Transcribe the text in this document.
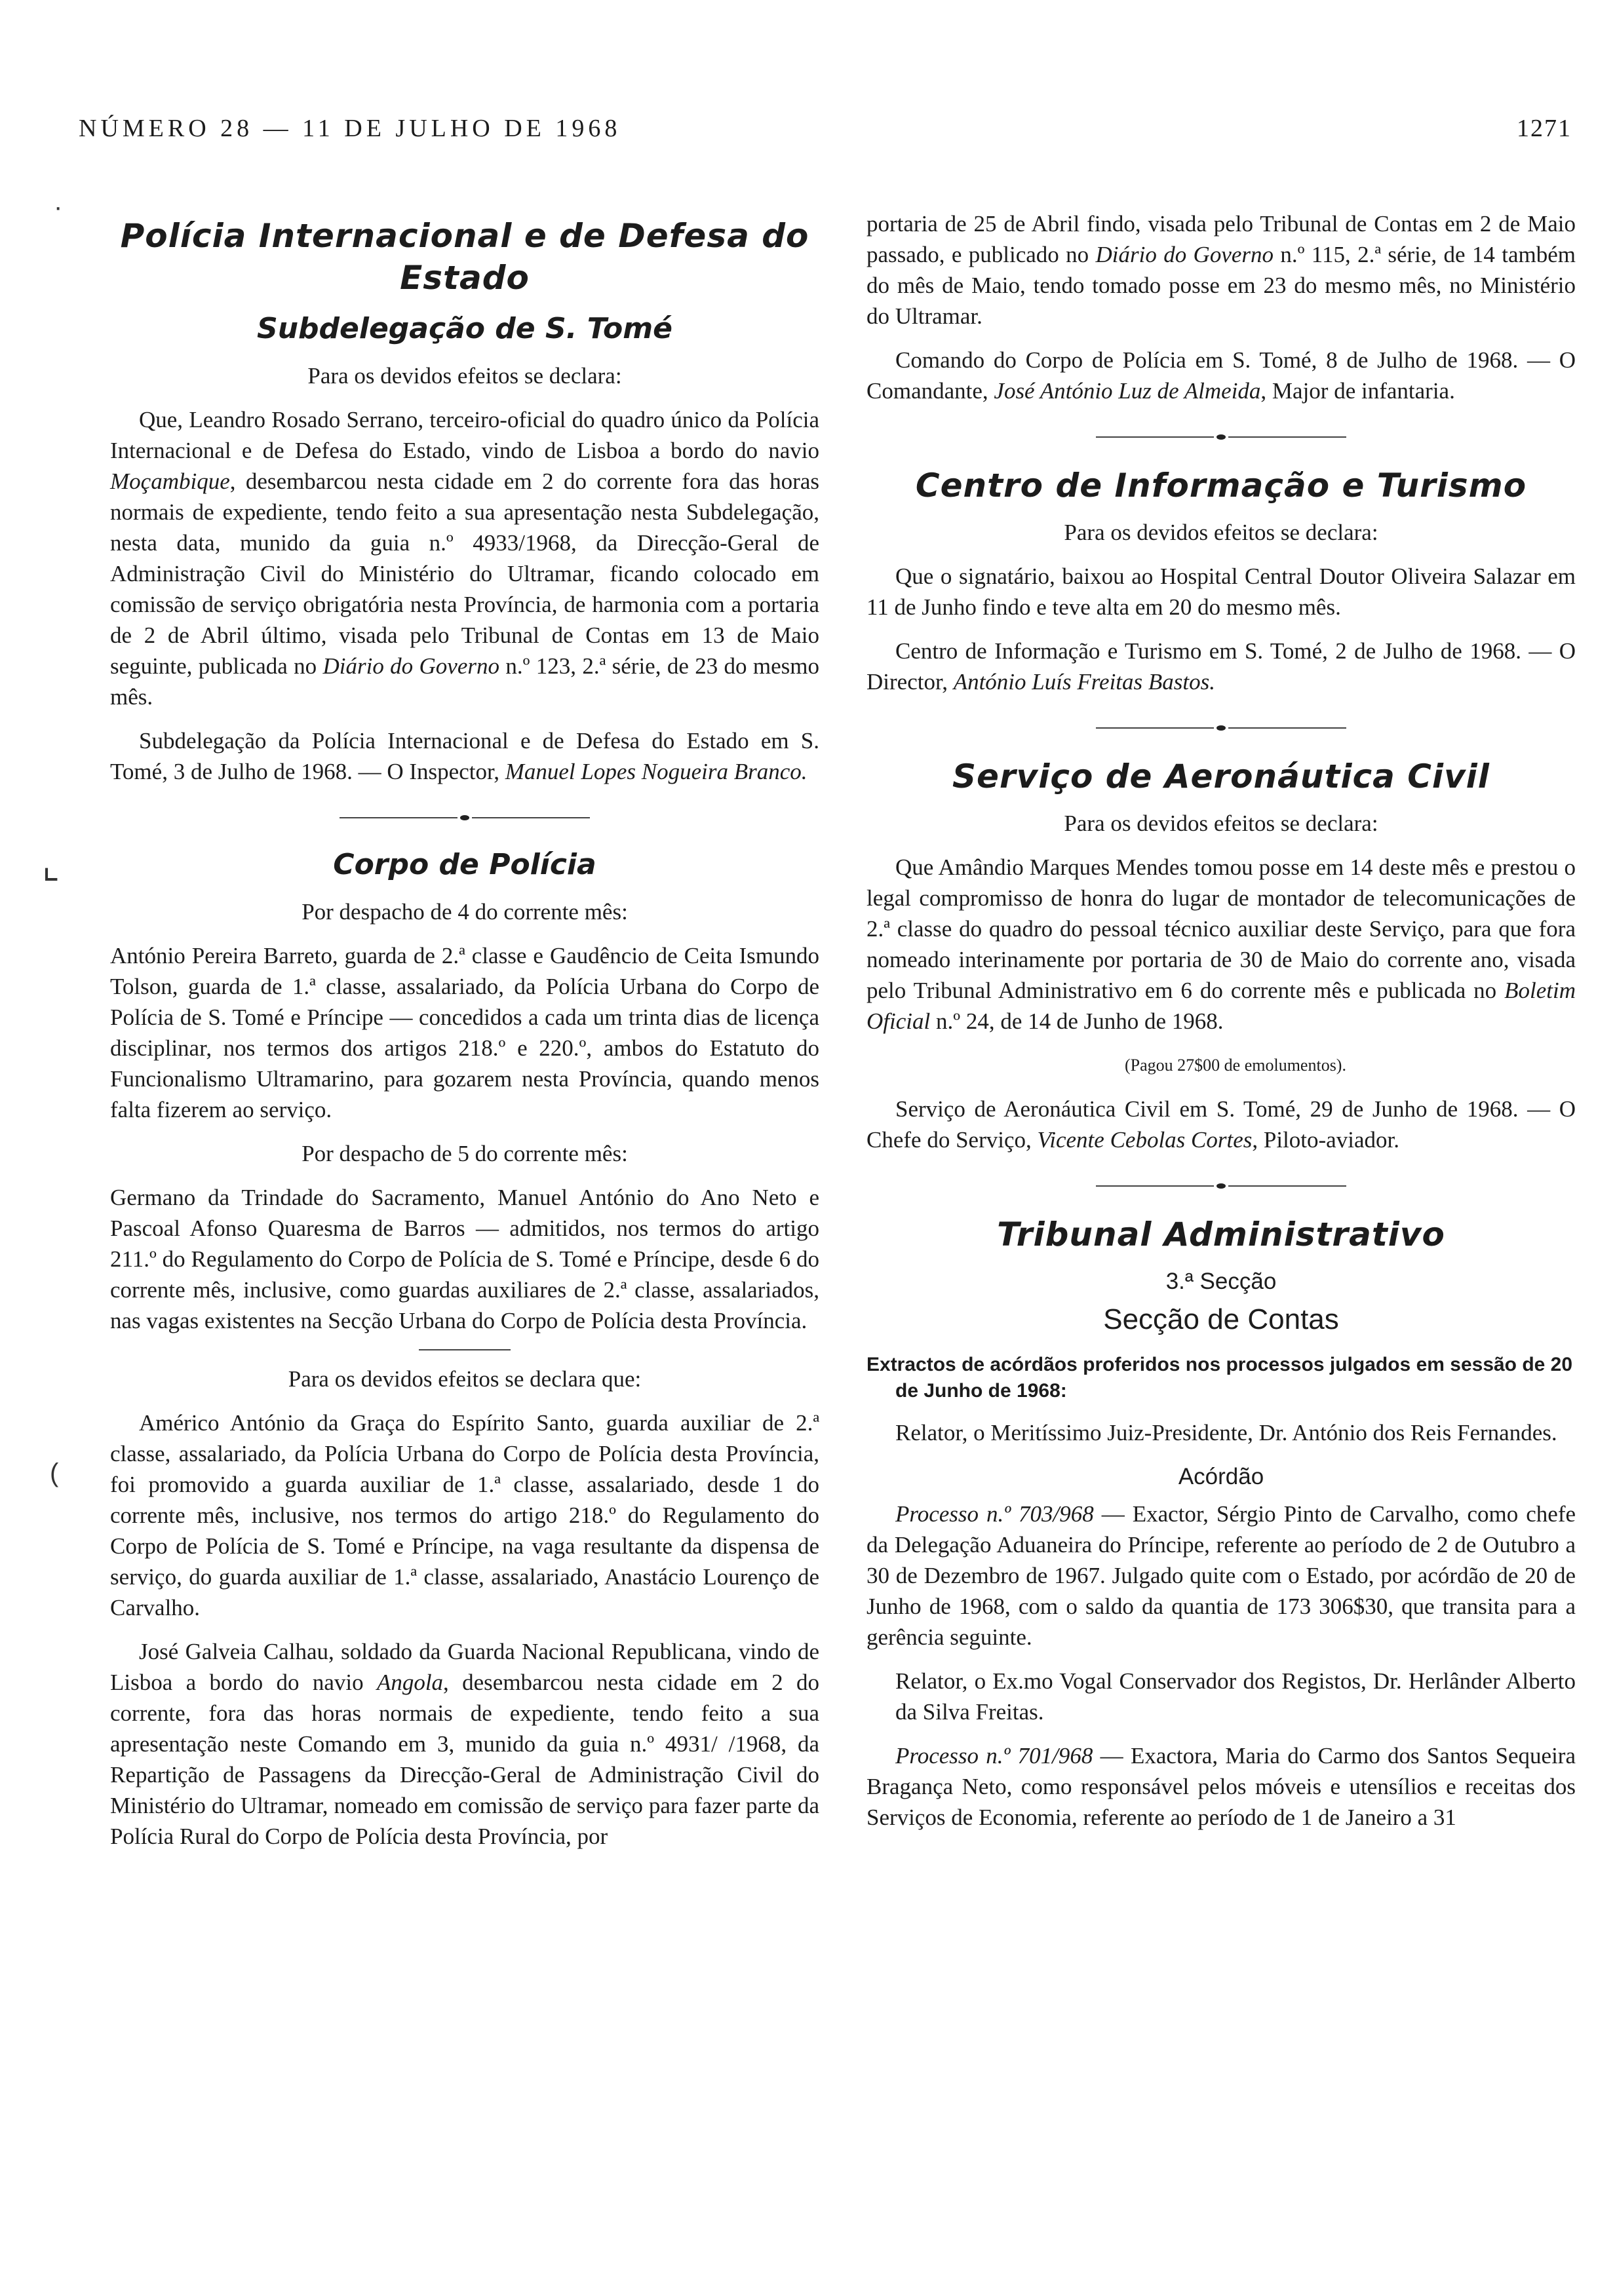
NÚMERO 28 — 11 DE JULHO DE 1968	1271
·
⌞
(
Polícia Internacional e de Defesa do Estado
Subdelegação de S. Tomé

Para os devidos efeitos se declara:

Que, Leandro Rosado Serrano, terceiro-oficial do quadro único da Polícia Internacional e de Defesa do Estado, vindo de Lisboa a bordo do navio Moçambique, desembarcou nesta cidade em 2 do corrente fora das horas normais de expediente, tendo feito a sua apresentação nesta Subdelegação, nesta data, munido da guia n.º 4933/1968, da Direcção-Geral de Administração Civil do Ministério do Ultramar, ficando colocado em comissão de serviço obrigatória nesta Província, de harmonia com a portaria de 2 de Abril último, visada pelo Tribunal de Contas em 13 de Maio seguinte, publicada no Diário do Governo n.º 123, 2.ª série, de 23 do mesmo mês.

Subdelegação da Polícia Internacional e de Defesa do Estado em S. Tomé, 3 de Julho de 1968. — O Inspector, Manuel Lopes Nogueira Branco.

Corpo de Polícia

Por despacho de 4 do corrente mês:

António Pereira Barreto, guarda de 2.ª classe e Gaudêncio de Ceita Ismundo Tolson, guarda de 1.ª classe, assalariado, da Polícia Urbana do Corpo de Polícia de S. Tomé e Príncipe — concedidos a cada um trinta dias de licença disciplinar, nos termos dos artigos 218.º e 220.º, ambos do Estatuto do Funcionalismo Ultramarino, para gozarem nesta Província, quando menos falta fizerem ao serviço.

Por despacho de 5 do corrente mês:

Germano da Trindade do Sacramento, Manuel António do Ano Neto e Pascoal Afonso Quaresma de Barros — admitidos, nos termos do artigo 211.º do Regulamento do Corpo de Polícia de S. Tomé e Príncipe, desde 6 do corrente mês, inclusive, como guardas auxiliares de 2.ª classe, assalariados, nas vagas existentes na Secção Urbana do Corpo de Polícia desta Província.

Para os devidos efeitos se declara que:

Américo António da Graça do Espírito Santo, guarda auxiliar de 2.ª classe, assalariado, da Polícia Urbana do Corpo de Polícia desta Província, foi promovido a guarda auxiliar de 1.ª classe, assalariado, desde 1 do corrente mês, inclusive, nos termos do artigo 218.º do Regulamento do Corpo de Polícia de S. Tomé e Príncipe, na vaga resultante da dispensa de serviço, do guarda auxiliar de 1.ª classe, assalariado, Anastácio Lourenço de Carvalho.

José Galveia Calhau, soldado da Guarda Nacional Republicana, vindo de Lisboa a bordo do navio Angola, desembarcou nesta cidade em 2 do corrente, fora das horas normais de expediente, tendo feito a sua apresentação neste Comando em 3, munido da guia n.º 4931/ /1968, da Repartição de Passagens da Direcção-Geral de Administração Civil do Ministério do Ultramar, nomeado em comissão de serviço para fazer parte da Polícia Rural do Corpo de Polícia desta Província, por

portaria de 25 de Abril findo, visada pelo Tribunal de Contas em 2 de Maio passado, e publicado no Diário do Governo n.º 115, 2.ª série, de 14 também do mês de Maio, tendo tomado posse em 23 do mesmo mês, no Ministério do Ultramar.

Comando do Corpo de Polícia em S. Tomé, 8 de Julho de 1968. — O Comandante, José António Luz de Almeida, Major de infantaria.

Centro de Informação e Turismo

Para os devidos efeitos se declara:

Que o signatário, baixou ao Hospital Central Doutor Oliveira Salazar em 11 de Junho findo e teve alta em 20 do mesmo mês.

Centro de Informação e Turismo em S. Tomé, 2 de Julho de 1968. — O Director, António Luís Freitas Bastos.

Serviço de Aeronáutica Civil

Para os devidos efeitos se declara:

Que Amândio Marques Mendes tomou posse em 14 deste mês e prestou o legal compromisso de honra do lugar de montador de telecomunicações de 2.ª classe do quadro do pessoal técnico auxiliar deste Serviço, para que fora nomeado interinamente por portaria de 30 de Maio do corrente ano, visada pelo Tribunal Administrativo em 6 do corrente mês e publicada no Boletim Oficial n.º 24, de 14 de Junho de 1968.

(Pagou 27$00 de emolumentos).

Serviço de Aeronáutica Civil em S. Tomé, 29 de Junho de 1968. — O Chefe do Serviço, Vicente Cebolas Cortes, Piloto-aviador.

Tribunal Administrativo

3.ª Secção

Secção de Contas

Extractos de acórdãos proferidos nos processos julgados em sessão de 20 de Junho de 1968:

Relator, o Meritíssimo Juiz-Presidente, Dr. António dos Reis Fernandes.

Acórdão

Processo n.º 703/968 — Exactor, Sérgio Pinto de Carvalho, como chefe da Delegação Aduaneira do Príncipe, referente ao período de 2 de Outubro a 30 de Dezembro de 1967. Julgado quite com o Estado, por acórdão de 20 de Junho de 1968, com o saldo da quantia de 173 306$30, que transita para a gerência seguinte.

Relator, o Ex.mo Vogal Conservador dos Registos, Dr. Herlânder Alberto da Silva Freitas.

Processo n.º 701/968 — Exactora, Maria do Carmo dos Santos Sequeira Bragança Neto, como responsável pelos móveis e utensílios e receitas dos Serviços de Economia, referente ao período de 1 de Janeiro a 31
